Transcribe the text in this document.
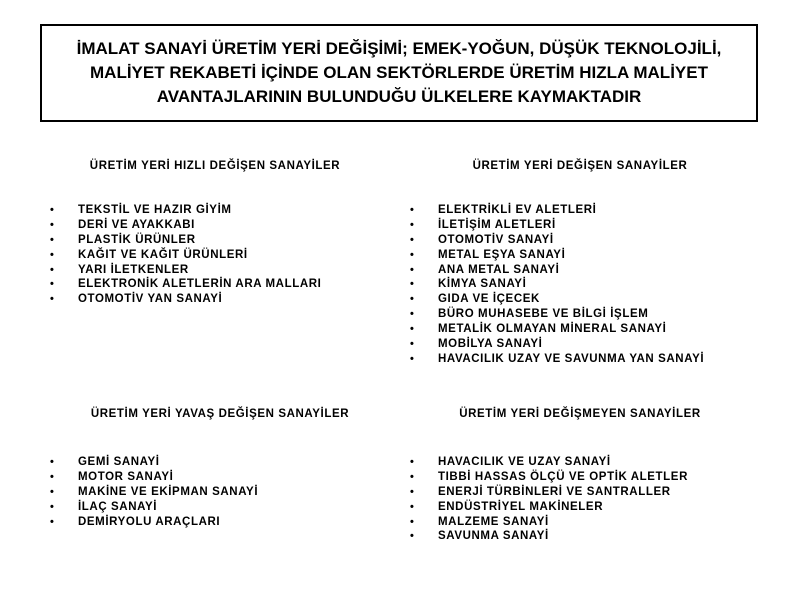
İMALAT SANAYİ ÜRETİM YERİ DEĞİŞİMİ; EMEK-YOĞUN, DÜŞÜK TEKNOLOJİLİ,
MALİYET REKABETİ İÇİNDE OLAN SEKTÖRLERDE ÜRETİM HIZLA MALİYET
AVANTAJLARININ BULUNDUĞU ÜLKELERE KAYMAKTADIR
ÜRETİM YERİ HIZLI DEĞİŞEN SANAYİLER
• TEKSTİL VE HAZIR GİYİM
• DERİ VE AYAKKABI
• PLASTİK ÜRÜNLER
• KAĞIT VE KAĞIT ÜRÜNLERİ
• YARI İLETKENLER
• ELEKTRONİK ALETLERİN ARA MALLARI
• OTOMOTİV YAN SANAYİ
ÜRETİM YERİ DEĞİŞEN SANAYİLER
• ELEKTRİKLİ EV ALETLERİ
• İLETİŞİM ALETLERİ
• OTOMOTİV SANAYİ
• METAL EŞYA SANAYİ
• ANA METAL SANAYİ
• KİMYA SANAYİ
• GIDA VE İÇECEK
• BÜRO MUHASEBE VE BİLGİ İŞLEM
• METALİK OLMAYAN MİNERAL SANAYİ
• MOBİLYA SANAYİ
• HAVACILIK UZAY VE SAVUNMA YAN SANAYİ
ÜRETİM YERİ YAVAŞ DEĞİŞEN SANAYİLER
• GEMİ SANAYİ
• MOTOR SANAYİ
• MAKİNE VE EKİPMAN SANAYİ
• İLAÇ SANAYİ
• DEMİRYOLU ARAÇLARI
ÜRETİM YERİ DEĞİŞMEYEN SANAYİLER
• HAVACILIK VE UZAY SANAYİ
• TIBBİ HASSAS ÖLÇÜ VE OPTİK ALETLER
• ENERJİ TÜRBİNLERİ VE SANTRALLER
• ENDÜSTRİYEL MAKİNELER
• MALZEME SANAYİ
• SAVUNMA SANAYİ
